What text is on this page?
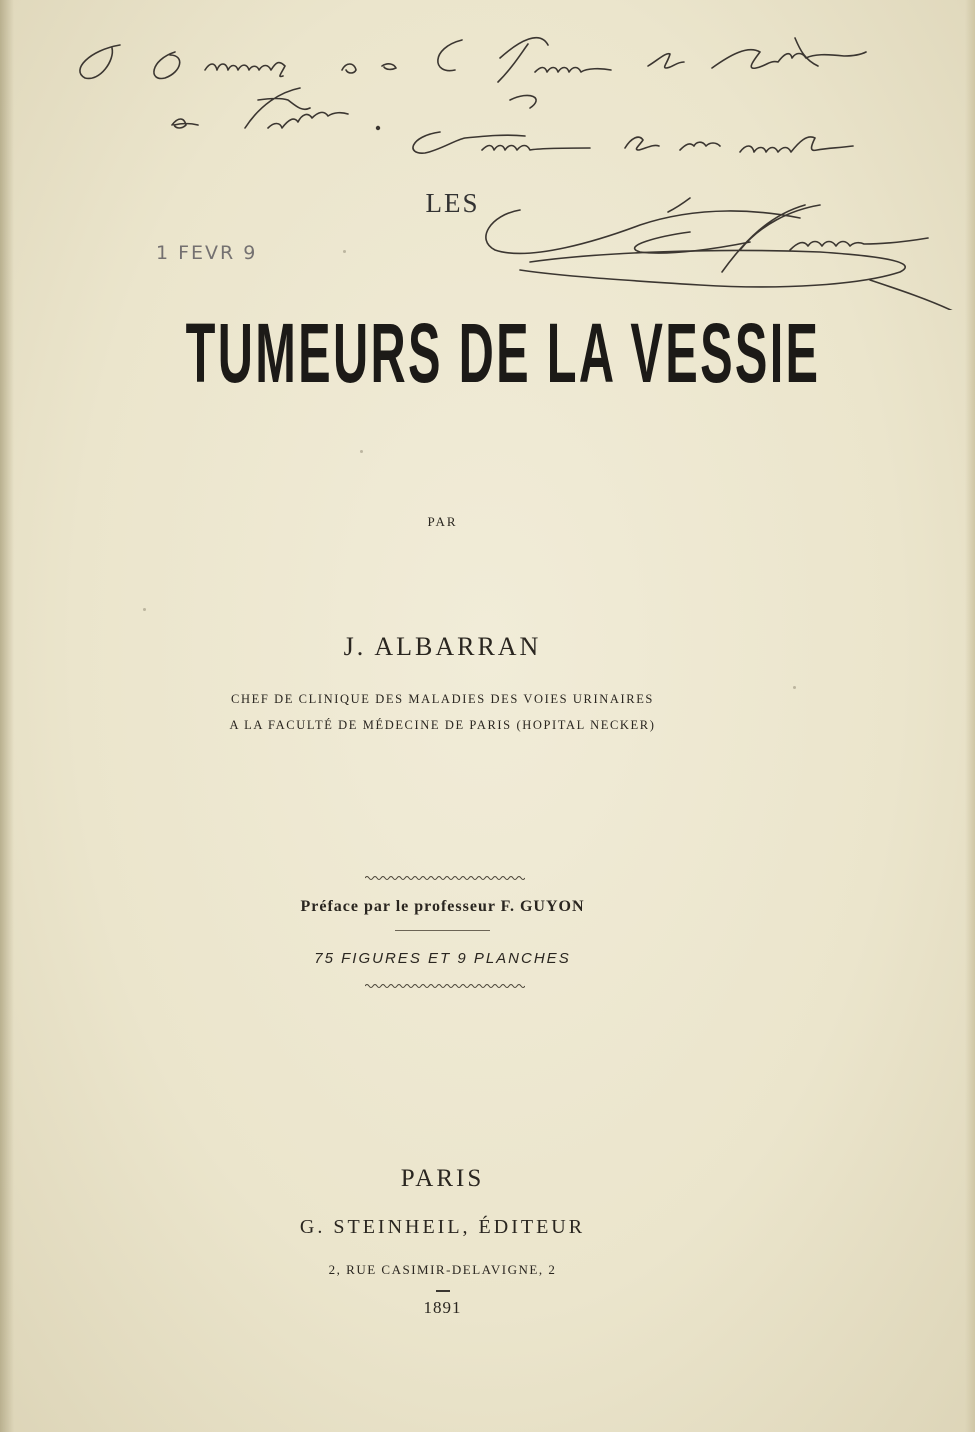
1 FEVR 9
LES
TUMEURS DE LA VESSIE
PAR
J. ALBARRAN
CHEF DE CLINIQUE DES MALADIES DES VOIES URINAIRES
A LA FACULTÉ DE MÉDECINE DE PARIS (HOPITAL NECKER)
Préface par le professeur F. GUYON
75 FIGURES ET 9 PLANCHES
PARIS
G. STEINHEIL, ÉDITEUR
2, RUE CASIMIR-DELAVIGNE, 2
1891
